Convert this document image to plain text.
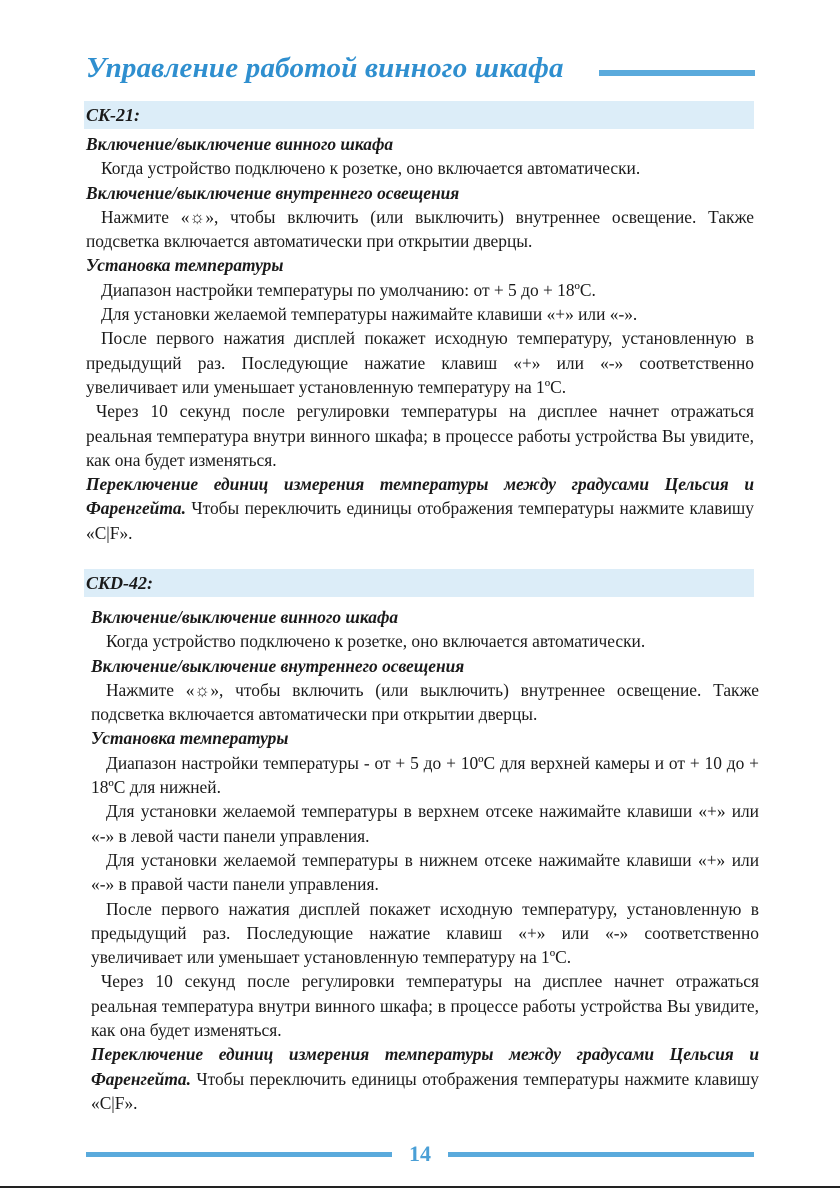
Управление работой винного шкафа
CK-21:

Включение/выключение винного шкафа

Когда устройство подключено к розетке, оно включается автоматически.

Включение/выключение внутреннего освещения

Нажмите «☼», чтобы включить (или выключить) внутреннее освещение. Также подсветка включается автоматически при открытии дверцы.

Установка температуры

Диапазон настройки температуры по умолчанию: от + 5 до + 18ºС.

Для установки желаемой температуры нажимайте клавиши «+» или «-».

После первого нажатия дисплей покажет исходную температуру, установленную в предыдущий раз. Последующие нажатие клавиш «+» или «-» соответственно увеличивает или уменьшает установленную температуру на 1ºС.

Через 10 секунд после регулировки температуры на дисплее начнет отражаться реальная температура внутри винного шкафа; в процессе работы устройства Вы увидите, как она будет изменяться.

Переключение единиц измерения температуры между градусами Цельсия и Фаренгейта. Чтобы переключить единицы отображения температуры нажмите клавишу «С|F».

CKD-42:

Включение/выключение винного шкафа

Когда устройство подключено к розетке, оно включается автоматически.

Включение/выключение внутреннего освещения

Нажмите «☼», чтобы включить (или выключить) внутреннее освещение. Также подсветка включается автоматически при открытии дверцы.

Установка температуры

Диапазон настройки температуры - от + 5 до + 10ºС для верхней камеры и от + 10 до + 18ºС для нижней.

Для установки желаемой температуры в верхнем отсеке нажимайте клавиши «+» или «-» в левой части панели управления.

Для установки желаемой температуры в нижнем отсеке нажимайте клавиши «+» или «-» в правой части панели управления.

После первого нажатия дисплей покажет исходную температуру, установленную в предыдущий раз. Последующие нажатие клавиш «+» или «-» соответственно увеличивает или уменьшает установленную температуру на 1ºС.

Через 10 секунд после регулировки температуры на дисплее начнет отражаться реальная температура внутри винного шкафа; в процессе работы устройства Вы увидите, как она будет изменяться.

Переключение единиц измерения температуры между градусами Цельсия и Фаренгейта. Чтобы переключить единицы отображения температуры нажмите клавишу «С|F».

14
